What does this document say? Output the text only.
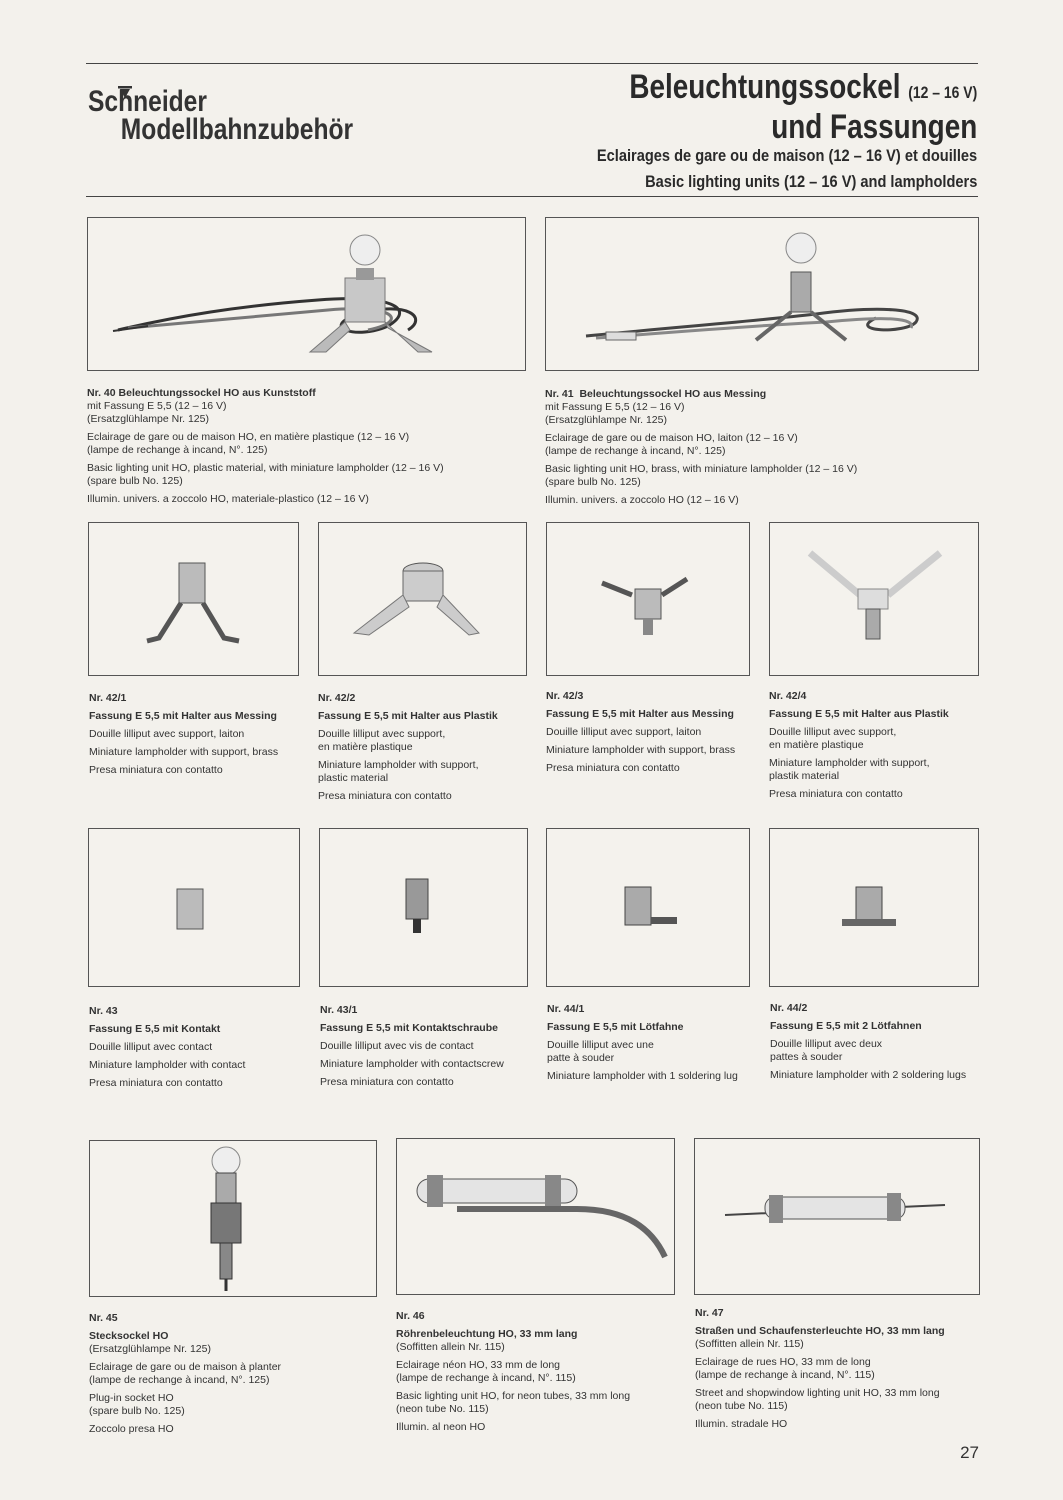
Schneider
Modellbahnzubehör
Beleuchtungssockel (12 – 16 V)
und Fassungen
Eclairages de gare ou de maison (12 – 16 V) et douilles
Basic lighting units (12 – 16 V) and lampholders
Nr. 40 Beleuchtungssockel HO aus Kunststoff

mit Fassung E 5,5 (12 – 16 V)
(Ersatzglühlampe Nr. 125)

Eclairage de gare ou de maison HO, en matière plastique (12 – 16 V)
(lampe de rechange à incand, N°. 125)

Basic lighting unit HO, plastic material, with miniature lampholder (12 – 16 V)
(spare bulb No. 125)

Illumin. univers. a zoccolo HO, materiale-plastico (12 – 16 V)

Nr. 41  Beleuchtungssockel HO aus Messing

mit Fassung E 5,5 (12 – 16 V)
(Ersatzglühlampe Nr. 125)

Eclairage de gare ou de maison HO, laiton (12 – 16 V)
(lampe de rechange à incand, N°. 125)

Basic lighting unit HO, brass, with miniature lampholder (12 – 16 V)
(spare bulb No. 125)

Illumin. univers. a zoccolo HO (12 – 16 V)

Nr. 42/1
Fassung E 5,5 mit Halter aus Messing

Douille lilliput avec support, laiton

Miniature lampholder with support, brass

Presa miniatura con contatto

Nr. 42/2
Fassung E 5,5 mit Halter aus Plastik

Douille lilliput avec support,
en matière plastique

Miniature lampholder with support,
plastic material

Presa miniatura con contatto

Nr. 42/3
Fassung E 5,5 mit Halter aus Messing

Douille lilliput avec support, laiton

Miniature lampholder with support, brass

Presa miniatura con contatto

Nr. 42/4
Fassung E 5,5 mit Halter aus Plastik

Douille lilliput avec support,
en matière plastique

Miniature lampholder with support,
plastik material

Presa miniatura con contatto

Nr. 43
Fassung E 5,5 mit Kontakt

Douille lilliput avec contact

Miniature lampholder with contact

Presa miniatura con contatto

Nr. 43/1
Fassung E 5,5 mit Kontaktschraube

Douille lilliput avec vis de contact

Miniature lampholder with contactscrew

Presa miniatura con contatto

Nr. 44/1
Fassung E 5,5 mit Lötfahne

Douille lilliput avec une
patte à souder

Miniature lampholder with 1 soldering lug

Nr. 44/2
Fassung E 5,5 mit 2 Lötfahnen

Douille lilliput avec deux
pattes à souder

Miniature lampholder with 2 soldering lugs

Nr. 45
Stecksockel HO

(Ersatzglühlampe Nr. 125)

Eclairage de gare ou de maison à planter
(lampe de rechange à incand, N°. 125)

Plug-in socket HO
(spare bulb No. 125)

Zoccolo presa HO

Nr. 46
Röhrenbeleuchtung HO, 33 mm lang

(Soffitten allein Nr. 115)

Eclairage néon HO, 33 mm de long
(lampe de rechange à incand, N°. 115)

Basic lighting unit HO, for neon tubes, 33 mm long
(neon tube No. 115)

Illumin. al neon HO

Nr. 47
Straßen und Schaufensterleuchte HO, 33 mm lang

(Soffitten allein Nr. 115)

Eclairage de rues HO, 33 mm de long
(lampe de rechange à incand, N°. 115)

Street and shopwindow lighting unit HO, 33 mm long
(neon tube No. 115)

Illumin. stradale HO

27
